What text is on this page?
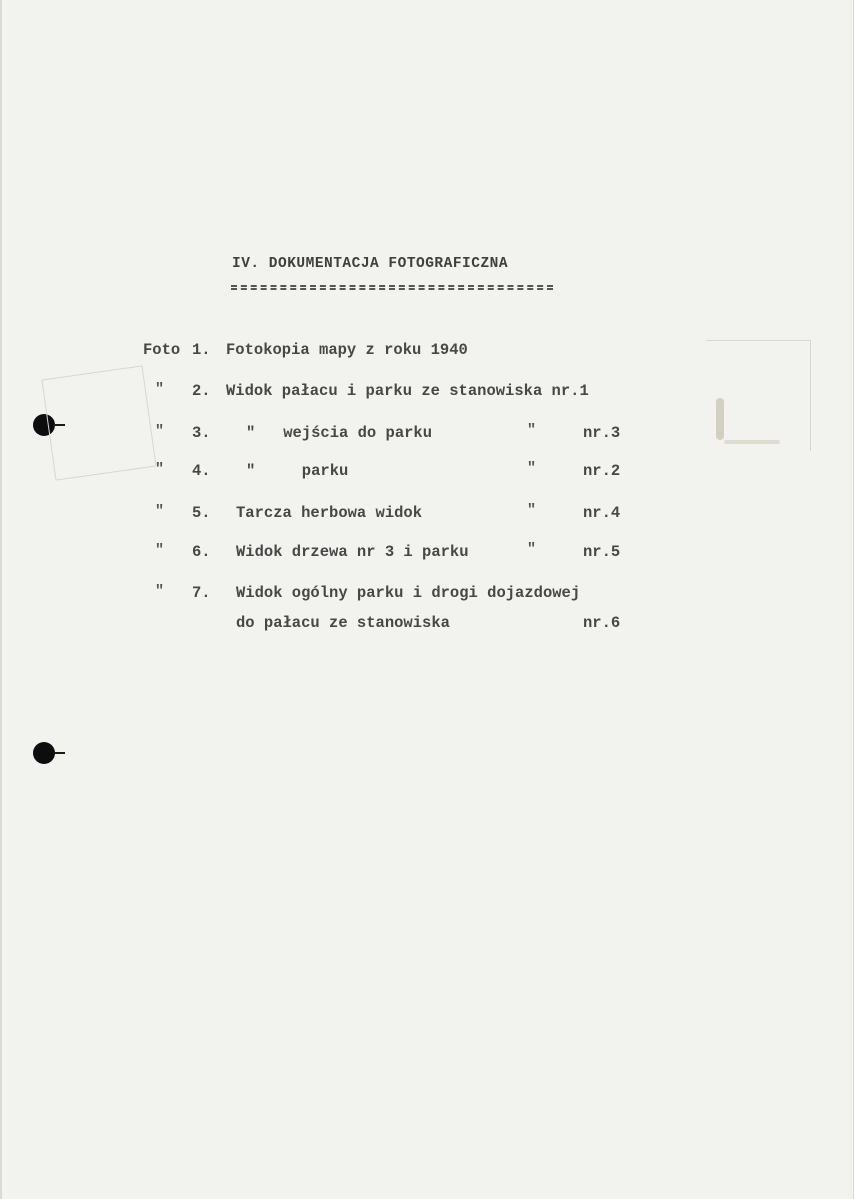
IV. DOKUMENTACJA FOTOGRAFICZNA
Foto 1. Fotokopia mapy z roku 1940
" 2. Widok pałacu i parku ze stanowiska nr.1
" 3. "   wejścia do parku	"	nr.3
" 4. "     parku	"	nr.2
" 5. Tarcza herbowa widok	"	nr.4
" 6. Widok drzewa nr 3 i parku	"	nr.5
" 7. Widok ogólny parku i drogi dojazdowej
do pałacu ze stanowiska	nr.6
